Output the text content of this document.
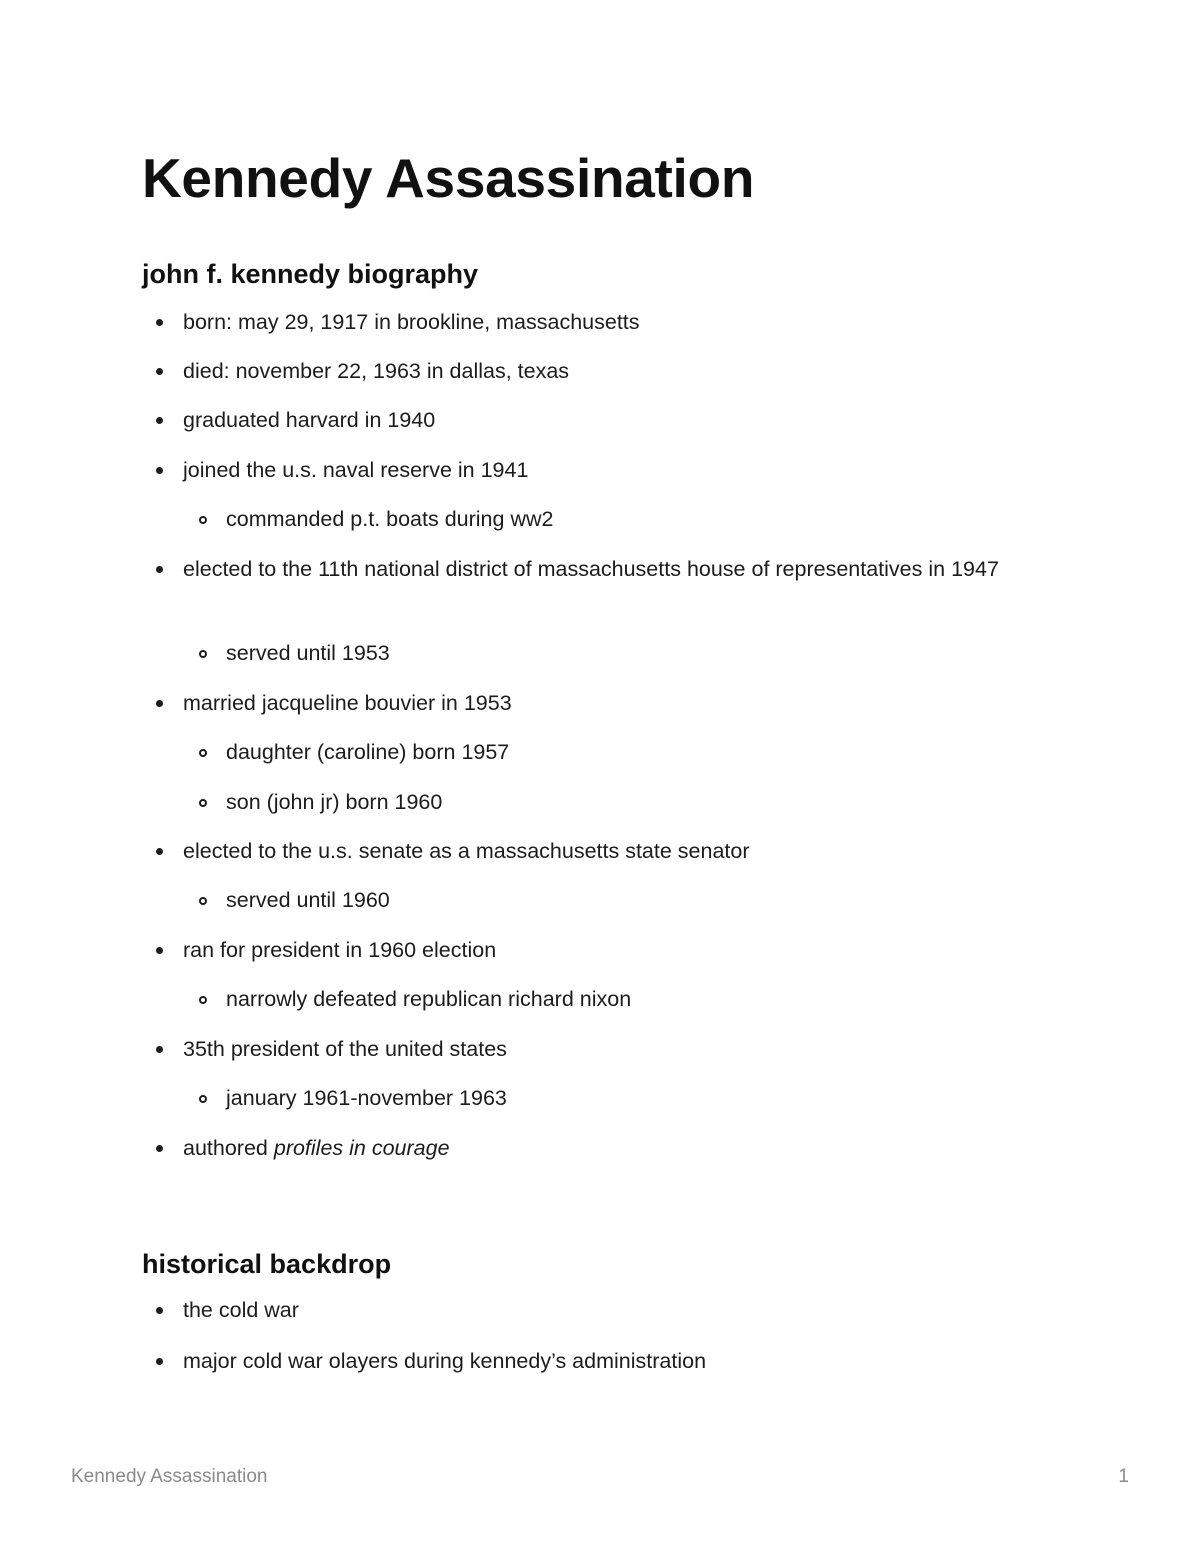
Kennedy Assassination
john f. kennedy biography
born: may 29, 1917 in brookline, massachusetts
died: november 22, 1963 in dallas, texas
graduated harvard in 1940
joined the u.s. naval reserve in 1941
commanded p.t. boats during ww2
elected to the 11th national district of massachusetts house of representatives in 1947
served until 1953
married jacqueline bouvier in 1953
daughter (caroline) born 1957
son (john jr) born 1960
elected to the u.s. senate as a massachusetts state senator
served until 1960
ran for president in 1960 election
narrowly defeated republican richard nixon
35th president of the united states
january 1961-november 1963
authored profiles in courage
historical backdrop
the cold war
major cold war olayers during kennedy’s administration
Kennedy Assassination	1
